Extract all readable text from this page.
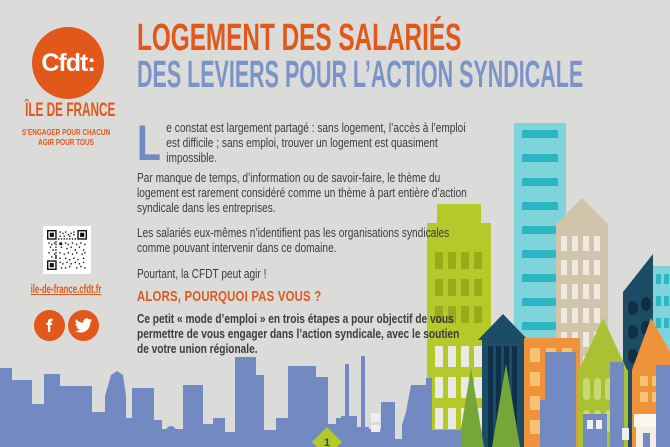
1
Cfdt:
ÎLE DE FRANCE
S’ENGAGER POUR CHACUN
AGIR POUR TOUS
ile-de-france.cfdt.fr
LOGEMENT DES SALARIÉS
DES LEVIERS POUR L’ACTION SYNDICALE

Le constat est largement partagé : sans logement, l’accès à l’emploi est difficile ; sans emploi, trouver un logement est quasiment impossible.

Par manque de temps, d’information ou de savoir-faire, le thème du logement est rarement considéré comme un thème à part entière d’action syndicale dans les entreprises.

Les salariés eux-mêmes n’identifient pas les organisations syndicales comme pouvant intervenir dans ce domaine.

Pourtant, la CFDT peut agir !

ALORS, POURQUOI PAS VOUS ?

Ce petit « mode d’emploi » en trois étapes a pour objectif de vous permettre de vous engager dans l’action syndicale, avec le soutien de votre union régionale.
